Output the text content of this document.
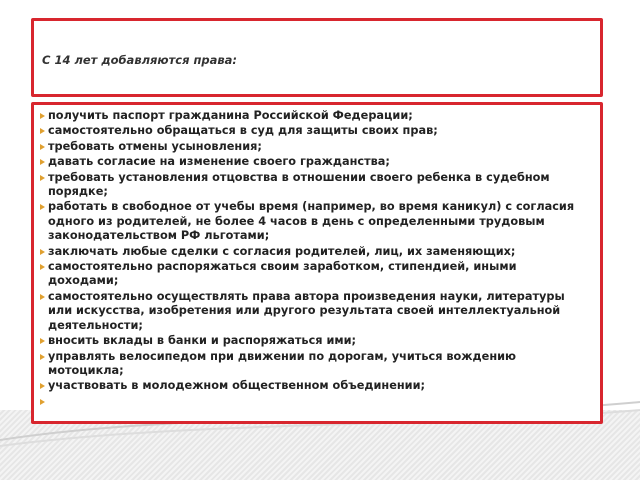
С 14 лет добавляются права:
получить паспорт гражданина Российской Федерации;
самостоятельно обращаться в суд для защиты своих прав;
требовать отмены усыновления;
давать согласие на изменение своего гражданства;
требовать установления отцовства в отношении своего ребенка в судебном порядке;
работать в свободное от учебы время (например, во время каникул) с согласия одного из родителей, не более 4 часов в день с определенными трудовым законодательством РФ льготами;
заключать любые сделки с согласия родителей, лиц, их заменяющих;
самостоятельно распоряжаться своим заработком, стипендией, иными доходами;
самостоятельно осуществлять права автора произведения науки, литературы или искусства, изобретения или другого результата своей интеллектуальной деятельности;
вносить вклады в банки и распоряжаться ими;
управлять велосипедом при движении по дорогам, учиться вождению мотоцикла;
участвовать в молодежном общественном объединении;
